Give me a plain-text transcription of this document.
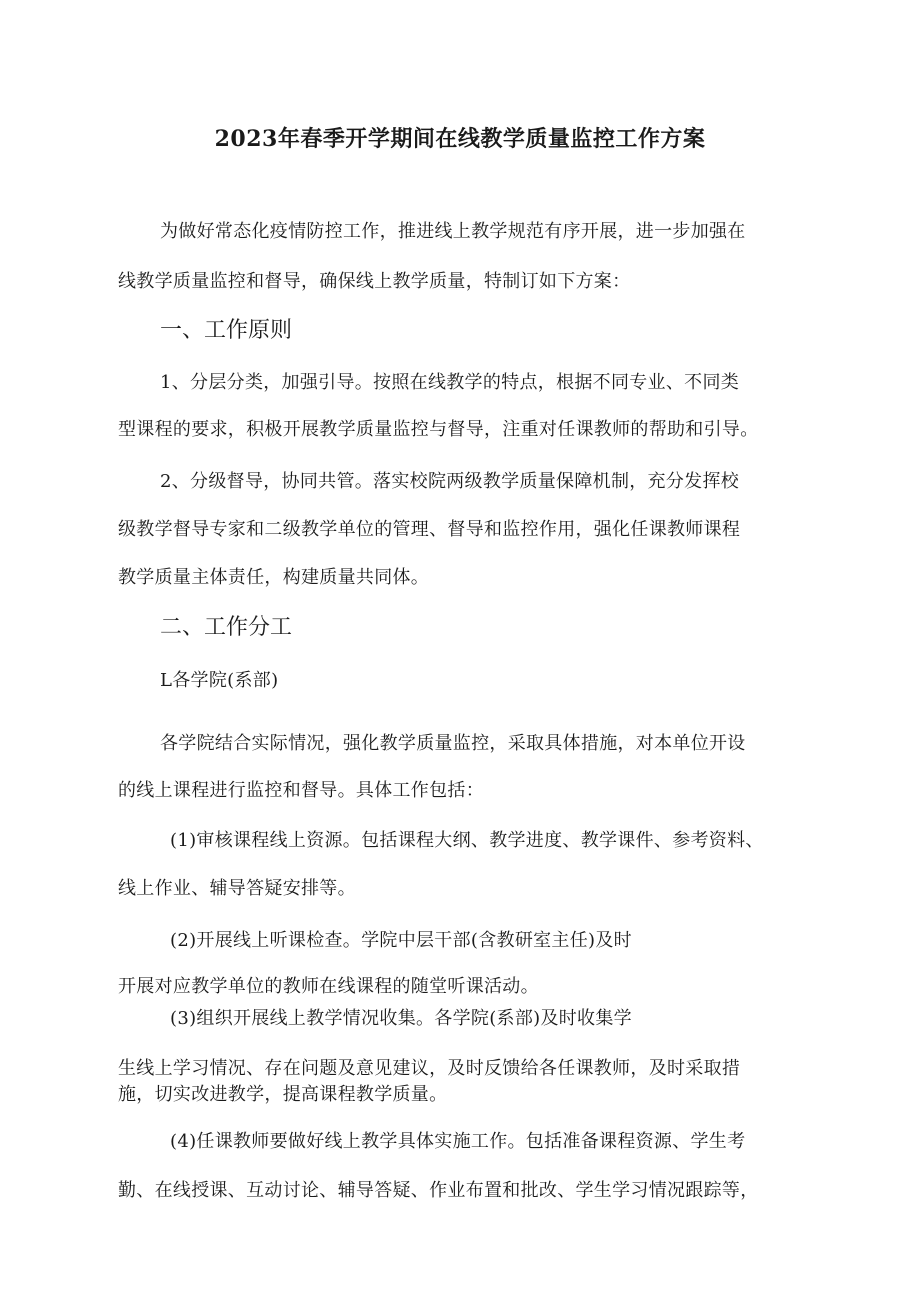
2023年春季开学期间在线教学质量监控工作方案
为做好常态化疫情防控工作，推进线上教学规范有序开展，进一步加强在
线教学质量监控和督导，确保线上教学质量，特制订如下方案：
一、工作原则
1、分层分类，加强引导。按照在线教学的特点，根据不同专业、不同类
型课程的要求，积极开展教学质量监控与督导，注重对任课教师的帮助和引导。
2、分级督导，协同共管。落实校院两级教学质量保障机制，充分发挥校
级教学督导专家和二级教学单位的管理、督导和监控作用，强化任课教师课程
教学质量主体责任，构建质量共同体。
二、工作分工
L各学院(系部)
各学院结合实际情况，强化教学质量监控，采取具体措施，对本单位开设
的线上课程进行监控和督导。具体工作包括：
(1)审核课程线上资源。包括课程大纲、教学进度、教学课件、参考资料、
线上作业、辅导答疑安排等。
(2)开展线上听课检查。学院中层干部(含教研室主任)及时
开展对应教学单位的教师在线课程的随堂听课活动。
(3)组织开展线上教学情况收集。各学院(系部)及时收集学
生线上学习情况、存在问题及意见建议，及时反馈给各任课教师，及时采取措
施，切实改进教学，提高课程教学质量。
(4)任课教师要做好线上教学具体实施工作。包括准备课程资源、学生考
勤、在线授课、互动讨论、辅导答疑、作业布置和批改、学生学习情况跟踪等，
